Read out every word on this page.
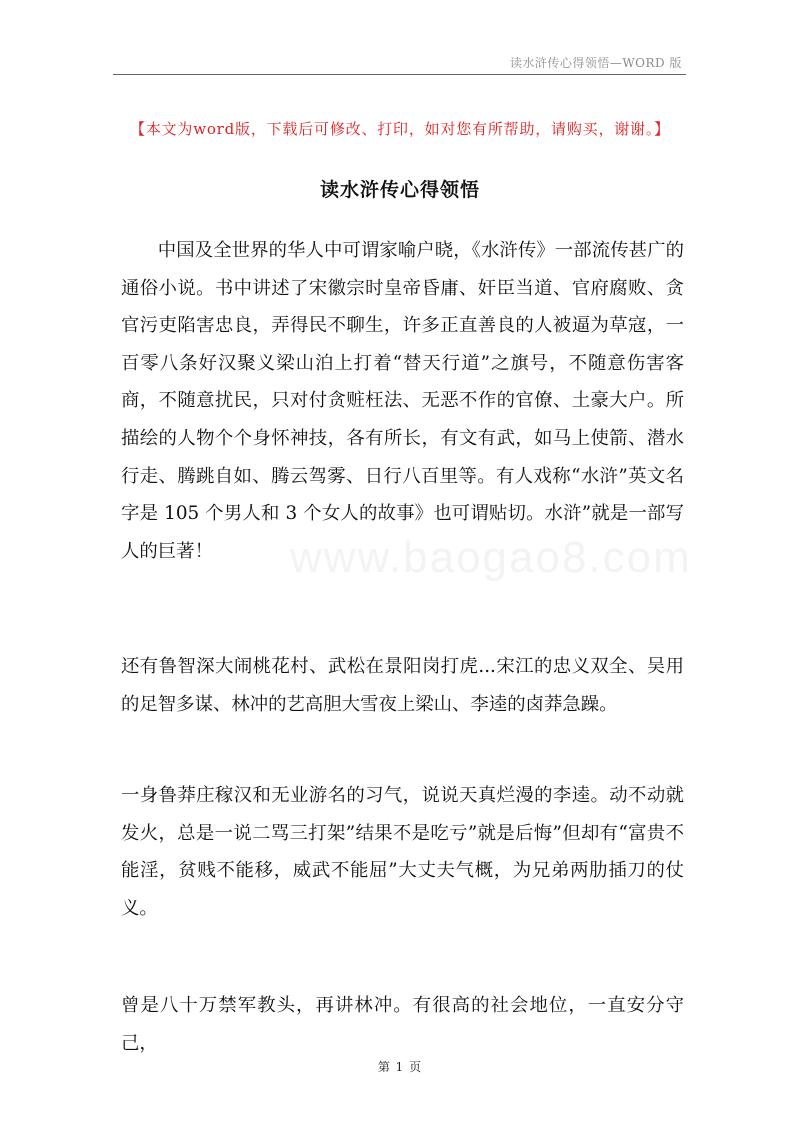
读水浒传心得领悟—WORD 版
【本文为word版，下载后可修改、打印，如对您有所帮助，请购买，谢谢。】
读水浒传心得领悟

中国及全世界的华人中可谓家喻户晓，《水浒传》一部流传甚广的通俗小说。书中讲述了宋徽宗时皇帝昏庸、奸臣当道、官府腐败、贪官污吏陷害忠良，弄得民不聊生，许多正直善良的人被逼为草寇，一百零八条好汉聚义梁山泊上打着“替天行道”之旗号，不随意伤害客商，不随意扰民，只对付贪赃枉法、无恶不作的官僚、土豪大户。所描绘的人物个个身怀神技，各有所长，有文有武，如马上使箭、潜水行走、腾跳自如、腾云驾雾、日行八百里等。有人戏称“水浒”英文名字是 105 个男人和 3 个女人的故事》也可谓贴切。水浒”就是一部写人的巨著！

还有鲁智深大闹桃花村、武松在景阳岗打虎...宋江的忠义双全、吴用的足智多谋、林冲的艺高胆大雪夜上梁山、李逵的卤莽急躁。

一身鲁莽庄稼汉和无业游名的习气，说说天真烂漫的李逵。动不动就发火，总是一说二骂三打架”结果不是吃亏”就是后悔”但却有“富贵不能淫，贫贱不能移，威武不能屈”大丈夫气概，为兄弟两肋插刀的仗义。

曾是八十万禁军教头，再讲林冲。有很高的社会地位，一直安分守己，

www.baogao8.com
第 1 页
